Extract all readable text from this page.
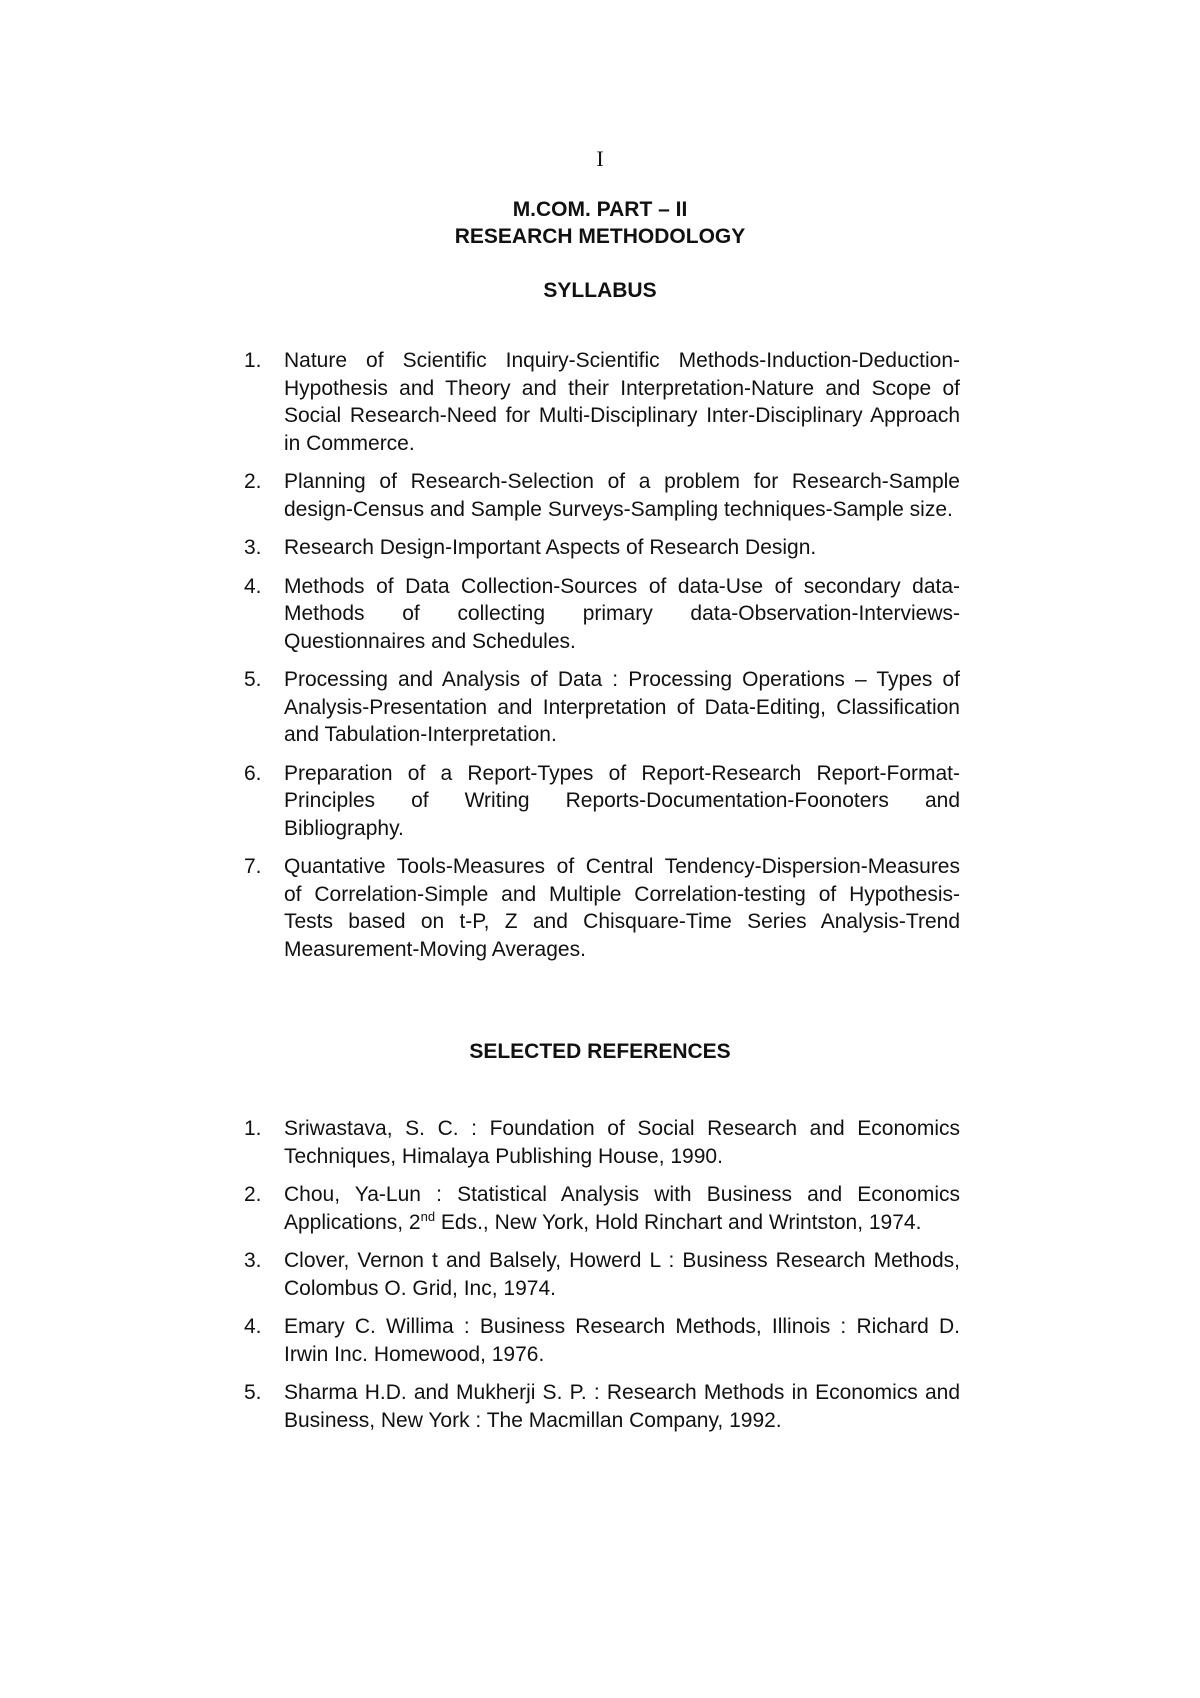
I
M.COM. PART – II
RESEARCH METHODOLOGY
SYLLABUS
1. Nature of Scientific Inquiry-Scientific Methods-Induction-Deduction-Hypothesis and Theory and their Interpretation-Nature and Scope of Social Research-Need for Multi-Disciplinary Inter-Disciplinary Approach in Commerce.
2. Planning of Research-Selection of a problem for Research-Sample design-Census and Sample Surveys-Sampling techniques-Sample size.
3. Research Design-Important Aspects of Research Design.
4. Methods of Data Collection-Sources of data-Use of secondary data-Methods of collecting primary data-Observation-Interviews-Questionnaires and Schedules.
5. Processing and Analysis of Data : Processing Operations – Types of Analysis-Presentation and Interpretation of Data-Editing, Classification and Tabulation-Interpretation.
6. Preparation of a Report-Types of Report-Research Report-Format-Principles of Writing Reports-Documentation-Foonoters and Bibliography.
7. Quantative Tools-Measures of Central Tendency-Dispersion-Measures of Correlation-Simple and Multiple Correlation-testing of Hypothesis-Tests based on t-P, Z and Chisquare-Time Series Analysis-Trend Measurement-Moving Averages.
SELECTED REFERENCES
1. Sriwastava, S. C. : Foundation of Social Research and Economics Techniques, Himalaya Publishing House, 1990.
2. Chou, Ya-Lun : Statistical Analysis with Business and Economics Applications, 2nd Eds., New York, Hold Rinchart and Wrintston, 1974.
3. Clover, Vernon t and Balsely, Howerd L : Business Research Methods, Colombus O. Grid, Inc, 1974.
4. Emary C. Willima : Business Research Methods, Illinois : Richard D. Irwin Inc. Homewood, 1976.
5. Sharma H.D. and Mukherji S. P. : Research Methods in Economics and Business, New York : The Macmillan Company, 1992.
